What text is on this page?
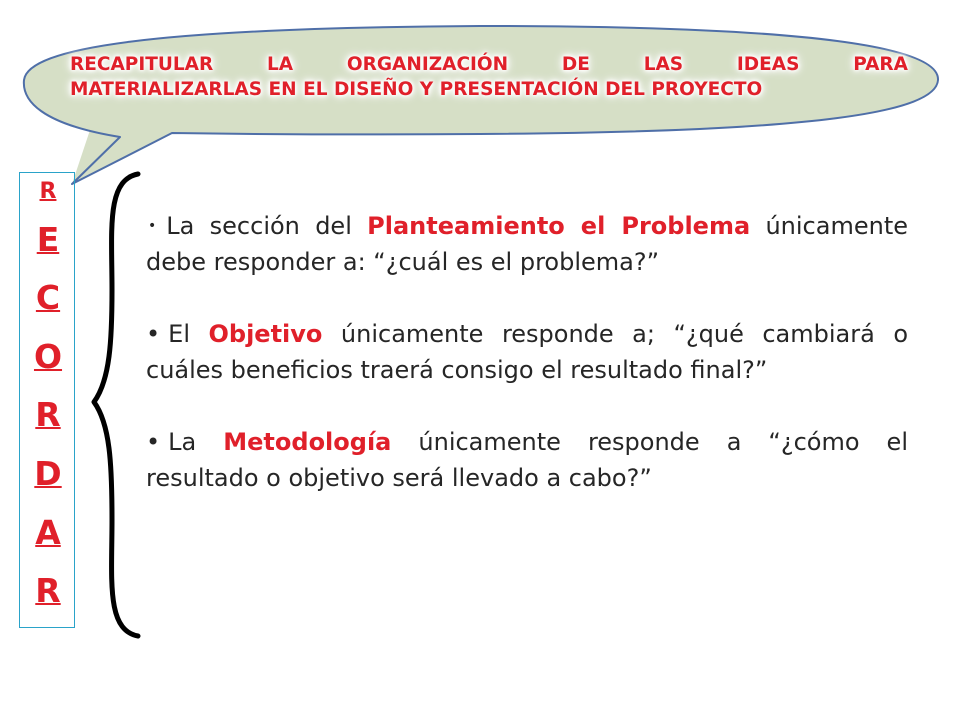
RECAPITULAR	LA	ORGANIZACIÓN	DE	LAS	IDEAS	PARA
MATERIALIZARLAS EN EL DISEÑO Y PRESENTACIÓN DEL PROYECTO
R
E
C
O
R
D
A
R

• La sección del Planteamiento el Problema únicamente debe responder a: “¿cuál es el problema?”

• El Objetivo únicamente responde a; “¿qué cambiará o cuáles beneficios traerá consigo el resultado final?”

• La Metodología únicamente responde a “¿cómo el resultado o objetivo será llevado a cabo?”
